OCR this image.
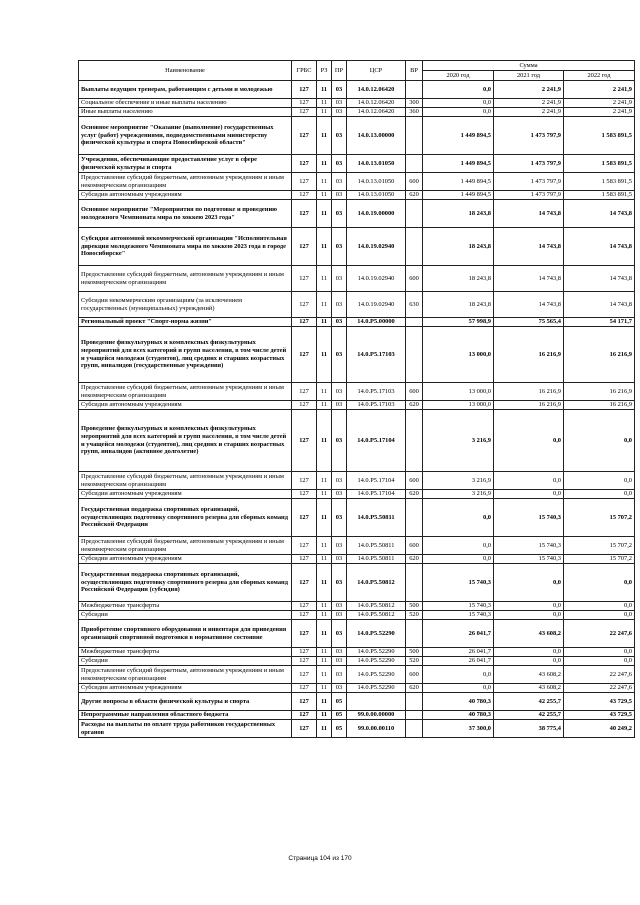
Наименование	ГРБС	РЗ	ПР	ЦСР	ВР	Сумма		
						2020 год	2021 год	2022 год
Выплаты ведущим тренерам, работающим с детьми и молодежью	127	11	03	14.0.12.06420		0,0	2 241,9	2 241,9
Социальное обеспечение и иные выплаты населению	127	11	03	14.0.12.06420	300	0,0	2 241,9	2 241,9
Иные выплаты населению	127	11	03	14.0.12.06420	360	0,0	2 241,9	2 241,9
Основное мероприятие "Оказание (выполнение) государственных услуг (работ) учреждениями, подведомственными министерству физической культуры и спорта Новосибирской области"	127	11	03	14.0.13.00000		1 449 894,5	1 473 797,9	1 583 891,5
Учреждения, обеспечивающие предоставление услуг в сфере физической культуры и спорта	127	11	03	14.0.13.01050		1 449 894,5	1 473 797,9	1 583 891,5
Предоставление субсидий бюджетным, автономным учреждениям и иным некоммерческим организациям	127	11	03	14.0.13.01050	600	1 449 894,5	1 473 797,9	1 583 891,5
Субсидии автономным учреждениям	127	11	03	14.0.13.01050	620	1 449 894,5	1 473 797,9	1 583 891,5
Основное мероприятие "Мероприятия по подготовке и проведению молодежного Чемпионата мира по хоккею 2023 года"	127	11	03	14.0.19.00000		18 243,8	14 743,8	14 743,8
Субсидия автономной некоммерческой организации "Исполнительная дирекция молодежного Чемпионата мира по хоккею 2023 года в городе Новосибирске"	127	11	03	14.0.19.02940		18 243,8	14 743,8	14 743,8
Предоставление субсидий бюджетным, автономным учреждениям и иным некоммерческим организациям	127	11	03	14.0.19.02940	600	18 243,8	14 743,8	14 743,8
Субсидии некоммерческим организациям (за исключением государственных (муниципальных) учреждений)	127	11	03	14.0.19.02940	630	18 243,8	14 743,8	14 743,8
Региональный проект "Спорт-норма жизни"	127	11	03	14.0.P5.00000		57 998,9	75 565,4	54 171,7
Проведение физкультурных и комплексных физкультурных мероприятий для всех категорий и групп населения, в том числе детей и учащейся молодежи (студентов), лиц средних и старших возрастных групп, инвалидов (государственные учреждения)	127	11	03	14.0.P5.17103		13 000,0	16 216,9	16 216,9
Предоставление субсидий бюджетным, автономным учреждениям и иным некоммерческим организациям	127	11	03	14.0.P5.17103	600	13 000,0	16 216,9	16 216,9
Субсидии автономным учреждениям	127	11	03	14.0.P5.17103	620	13 000,0	16 216,9	16 216,9
Проведение физкультурных и комплексных физкультурных мероприятий для всех категорий и групп населения, в том числе детей и учащейся молодежи (студентов), лиц средних и старших возрастных групп, инвалидов (активное долголетие)	127	11	03	14.0.P5.17104		3 216,9	0,0	0,0
Предоставление субсидий бюджетным, автономным учреждениям и иным некоммерческим организациям	127	11	03	14.0.P5.17104	600	3 216,9	0,0	0,0
Субсидии автономным учреждениям	127	11	03	14.0.P5.17104	620	3 216,9	0,0	0,0
Государственная поддержка спортивных организаций, осуществляющих подготовку спортивного резерва для сборных команд Российской Федерации	127	11	03	14.0.P5.50811		0,0	15 740,3	15 707,2
Предоставление субсидий бюджетным, автономным учреждениям и иным некоммерческим организациям	127	11	03	14.0.P5.50811	600	0,0	15 740,3	15 707,2
Субсидии автономным учреждениям	127	11	03	14.0.P5.50811	620	0,0	15 740,3	15 707,2
Государственная поддержка спортивных организаций, осуществляющих подготовку спортивного резерва для сборных команд Российской Федерации (субсидия)	127	11	03	14.0.P5.50812		15 740,3	0,0	0,0
Межбюджетные трансферты	127	11	03	14.0.P5.50812	500	15 740,3	0,0	0,0
Субсидии	127	11	03	14.0.P5.50812	520	15 740,3	0,0	0,0
Приобретение спортивного оборудования и инвентаря для приведения организаций спортивной подготовки в нормативное состояние	127	11	03	14.0.P5.52290		26 041,7	43 608,2	22 247,6
Межбюджетные трансферты	127	11	03	14.0.P5.52290	500	26 041,7	0,0	0,0
Субсидии	127	11	03	14.0.P5.52290	520	26 041,7	0,0	0,0
Предоставление субсидий бюджетным, автономным учреждениям и иным некоммерческим организациям	127	11	03	14.0.P5.52290	600	0,0	43 608,2	22 247,6
Субсидии автономным учреждениям	127	11	03	14.0.P5.52290	620	0,0	43 608,2	22 247,6
Другие вопросы в области физической культуры и спорта	127	11	05			40 780,3	42 255,7	43 729,5
Непрограммные направления областного бюджета	127	11	05	99.0.00.00000		40 780,3	42 255,7	43 729,5
Расходы на выплаты по оплате труда работников государственных органов	127	11	05	99.0.00.00110		37 300,0	38 775,4	40 249,2
Страница 104 из 170
